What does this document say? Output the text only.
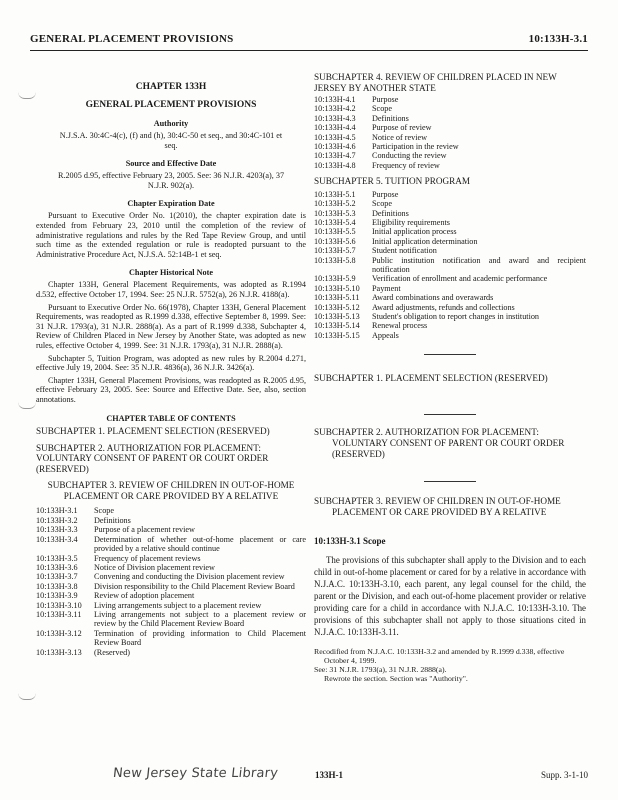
GENERAL PLACEMENT PROVISIONS	10:133H-3.1
CHAPTER 133H
GENERAL PLACEMENT PROVISIONS
Authority
N.J.S.A. 30:4C-4(c), (f) and (h), 30:4C-50 et seq., and 30:4C-101 et seq.
Source and Effective Date
R.2005 d.95, effective February 23, 2005. See: 36 N.J.R. 4203(a), 37 N.J.R. 902(a).
Chapter Expiration Date
Pursuant to Executive Order No. 1(2010), the chapter expiration date is extended from February 23, 2010 until the completion of the review of administrative regulations and rules by the Red Tape Review Group, and until such time as the extended regulation or rule is readopted pursuant to the Administrative Procedure Act, N.J.S.A. 52:14B-1 et seq.
Chapter Historical Note
Chapter 133H, General Placement Requirements, was adopted as R.1994 d.532, effective October 17, 1994. See: 25 N.J.R. 5752(a), 26 N.J.R. 4188(a).
Pursuant to Executive Order No. 66(1978), Chapter 133H, General Placement Requirements, was readopted as R.1999 d.338, effective September 8, 1999. See: 31 N.J.R. 1793(a), 31 N.J.R. 2888(a). As a part of R.1999 d.338, Subchapter 4, Review of Children Placed in New Jersey by Another State, was adopted as new rules, effective October 4, 1999. See: 31 N.J.R. 1793(a), 31 N.J.R. 2888(a).
Subchapter 5, Tuition Program, was adopted as new rules by R.2004 d.271, effective July 19, 2004. See: 35 N.J.R. 4836(a), 36 N.J.R. 3426(a).
Chapter 133H, General Placement Provisions, was readopted as R.2005 d.95, effective February 23, 2005. See: Source and Effective Date. See, also, section annotations.
CHAPTER TABLE OF CONTENTS
SUBCHAPTER 1. PLACEMENT SELECTION (RESERVED)
SUBCHAPTER 2. AUTHORIZATION FOR PLACEMENT: VOLUNTARY CONSENT OF PARENT OR COURT ORDER (RESERVED)
SUBCHAPTER 3. REVIEW OF CHILDREN IN OUT-OF-HOME PLACEMENT OR CARE PROVIDED BY A RELATIVE
10:133H-3.1	Scope
10:133H-3.2	Definitions
10:133H-3.3	Purpose of a placement review
10:133H-3.4	Determination of whether out-of-home placement or care provided by a relative should continue
10:133H-3.5	Frequency of placement reviews
10:133H-3.6	Notice of Division placement review
10:133H-3.7	Convening and conducting the Division placement review
10:133H-3.8	Division responsibility to the Child Placement Review Board
10:133H-3.9	Review of adoption placement
10:133H-3.10	Living arrangements subject to a placement review
10:133H-3.11	Living arrangements not subject to a placement review or review by the Child Placement Review Board
10:133H-3.12	Termination of providing information to Child Placement Review Board
10:133H-3.13	(Reserved)
SUBCHAPTER 4. REVIEW OF CHILDREN PLACED IN NEW JERSEY BY ANOTHER STATE
10:133H-4.1	Purpose
10:133H-4.2	Scope
10:133H-4.3	Definitions
10:133H-4.4	Purpose of review
10:133H-4.5	Notice of review
10:133H-4.6	Participation in the review
10:133H-4.7	Conducting the review
10:133H-4.8	Frequency of review
SUBCHAPTER 5. TUITION PROGRAM
10:133H-5.1	Purpose
10:133H-5.2	Scope
10:133H-5.3	Definitions
10:133H-5.4	Eligibility requirements
10:133H-5.5	Initial application process
10:133H-5.6	Initial application determination
10:133H-5.7	Student notification
10:133H-5.8	Public institution notification and award and recipient notification
10:133H-5.9	Verification of enrollment and academic performance
10:133H-5.10	Payment
10:133H-5.11	Award combinations and overawards
10:133H-5.12	Award adjustments, refunds and collections
10:133H-5.13	Student's obligation to report changes in institution
10:133H-5.14	Renewal process
10:133H-5.15	Appeals
SUBCHAPTER 1. PLACEMENT SELECTION (RESERVED)
SUBCHAPTER 2. AUTHORIZATION FOR PLACEMENT: VOLUNTARY CONSENT OF PARENT OR COURT ORDER (RESERVED)
SUBCHAPTER 3. REVIEW OF CHILDREN IN OUT-OF-HOME PLACEMENT OR CARE PROVIDED BY A RELATIVE
10:133H-3.1 Scope
The provisions of this subchapter shall apply to the Division and to each child in out-of-home placement or cared for by a relative in accordance with N.J.A.C. 10:133H-3.10, each parent, any legal counsel for the child, the parent or the Division, and each out-of-home placement provider or relative providing care for a child in accordance with N.J.A.C. 10:133H-3.10. The provisions of this subchapter shall not apply to those situations cited in N.J.A.C. 10:133H-3.11.
Recodified from N.J.A.C. 10:133H-3.2 and amended by R.1999 d.338, effective October 4, 1999.
See: 31 N.J.R. 1793(a), 31 N.J.R. 2888(a).
Rewrote the section. Section was "Authority".
New Jersey State Library	133H-1	Supp. 3-1-10
